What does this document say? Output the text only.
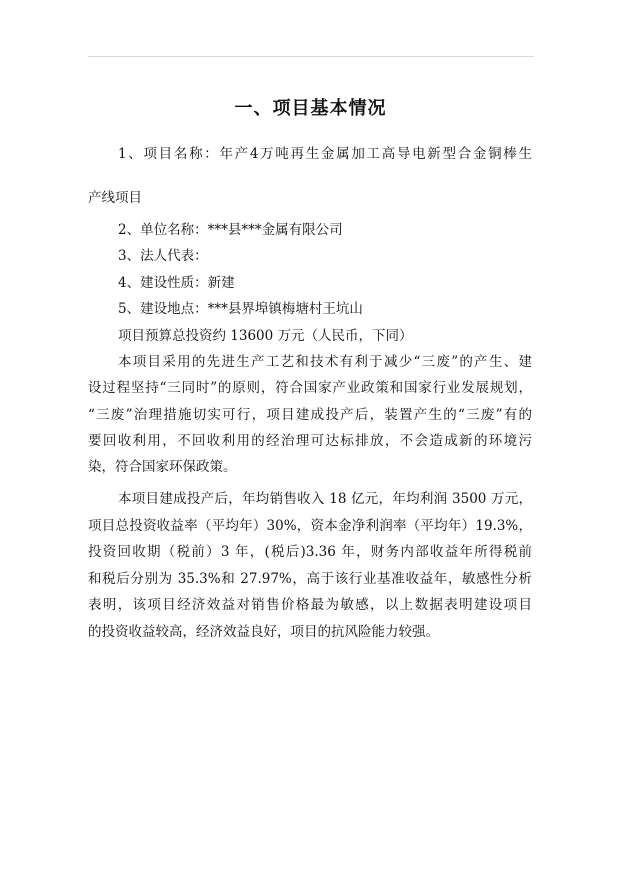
一、项目基本情况
1、项目名称：年产4万吨再生金属加工高导电新型合金铜棒生
产线项目
2、单位名称：***县***金属有限公司
3、法人代表：
4、建设性质：新建
5、建设地点：***县界埠镇梅塘村王坑山
项目预算总投资约 13600 万元（人民币，下同）
本项目采用的先进生产工艺和技术有利于减少“三废”的产生、建
设过程坚持“三同时”的原则，符合国家产业政策和国家行业发展规划，
“三废”治理措施切实可行，项目建成投产后，装置产生的“三废”有的
要回收利用，不回收利用的经治理可达标排放，不会造成新的环境污
染，符合国家环保政策。
本项目建成投产后，年均销售收入 18 亿元，年均利润 3500 万元，
项目总投资收益率（平均年）30%，资本金净利润率（平均年）19.3%，
投资回收期（税前）3 年，(税后)3.36 年，财务内部收益年所得税前
和税后分别为 35.3%和 27.97%，高于该行业基准收益年，敏感性分析
表明，该项目经济效益对销售价格最为敏感，以上数据表明建设项目
的投资收益较高，经济效益良好，项目的抗风险能力较强。
